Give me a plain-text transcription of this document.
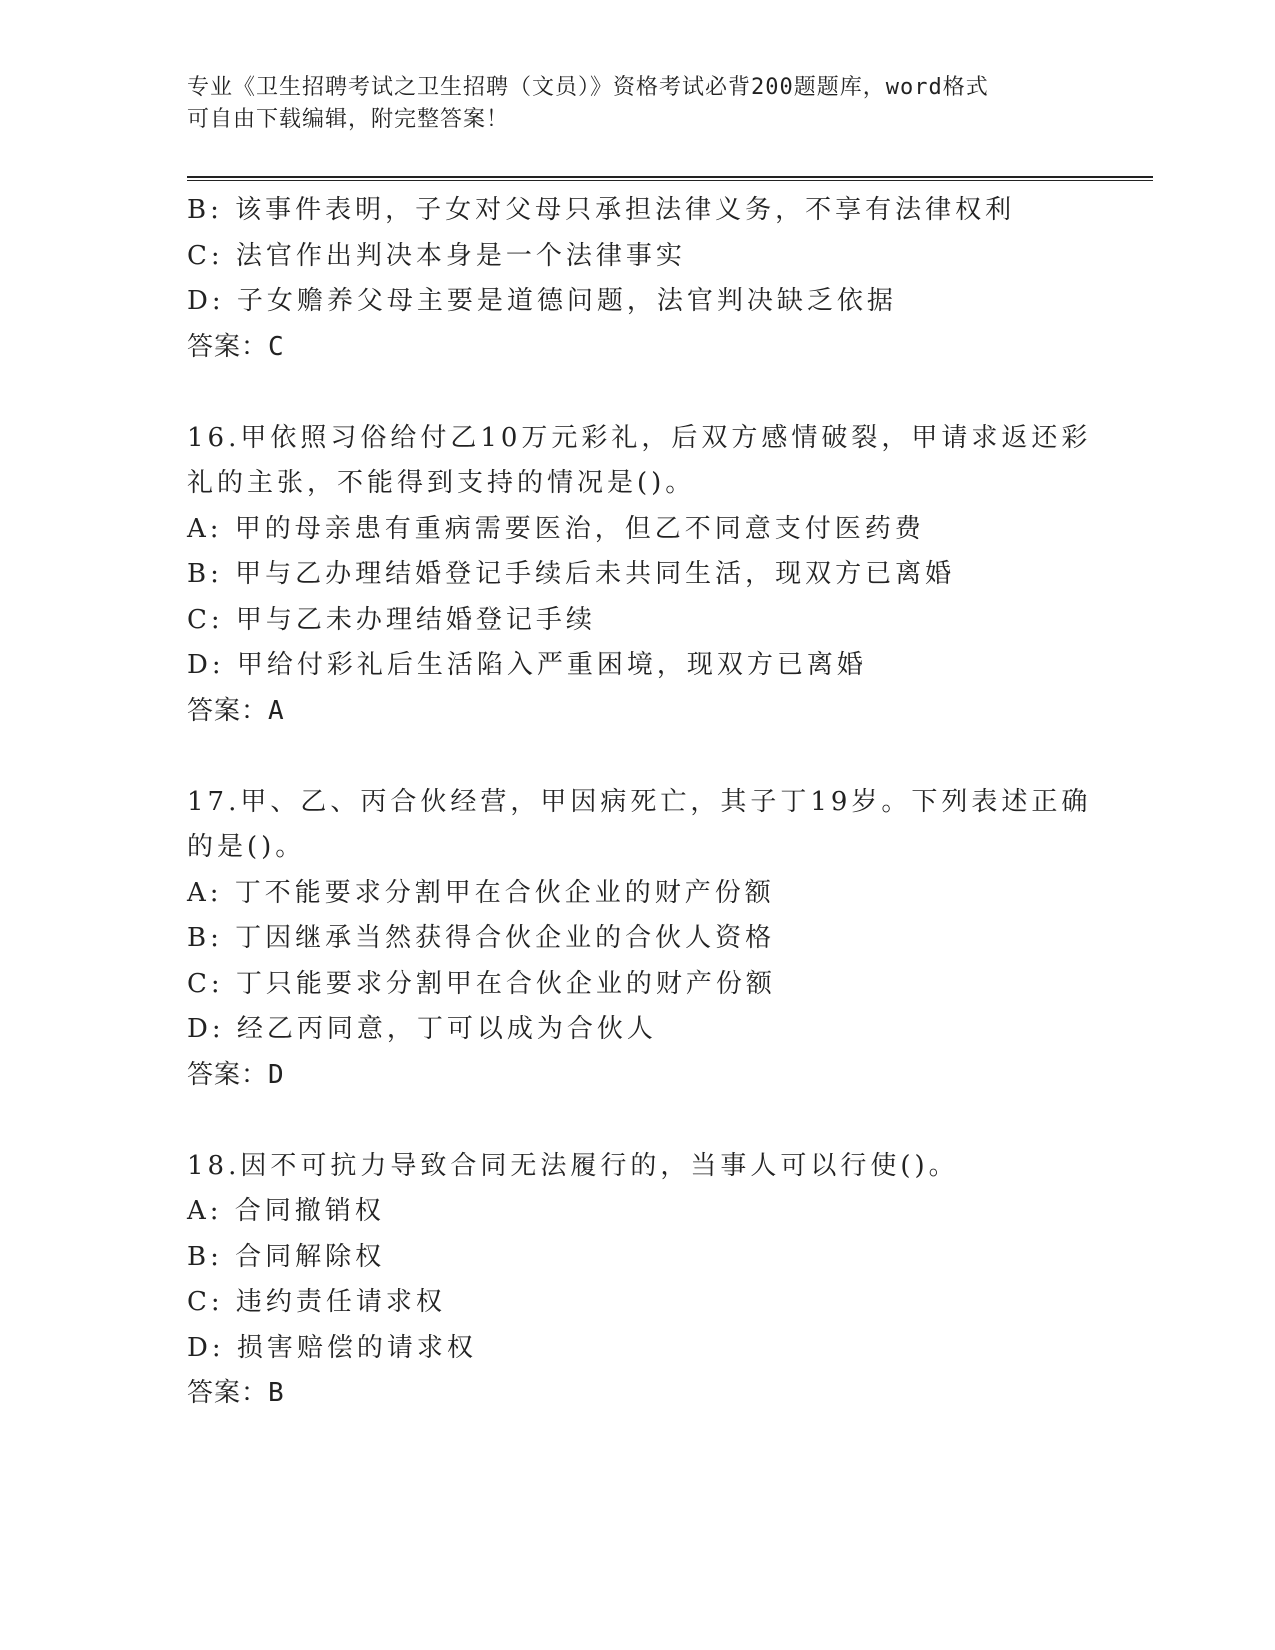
专业《卫生招聘考试之卫生招聘（文员）》资格考试必背200题题库，word格式
可自由下载编辑，附完整答案！
B: 该事件表明，子女对父母只承担法律义务，不享有法律权利
C: 法官作出判决本身是一个法律事实
D: 子女赡养父母主要是道德问题，法官判决缺乏依据
答案：C
16.甲依照习俗给付乙10万元彩礼，后双方感情破裂，甲请求返还彩
礼的主张，不能得到支持的情况是()。
A: 甲的母亲患有重病需要医治，但乙不同意支付医药费
B: 甲与乙办理结婚登记手续后未共同生活，现双方已离婚
C: 甲与乙未办理结婚登记手续
D: 甲给付彩礼后生活陷入严重困境，现双方已离婚
答案：A
17.甲、乙、丙合伙经营，甲因病死亡，其子丁19岁。下列表述正确
的是()。
A: 丁不能要求分割甲在合伙企业的财产份额
B: 丁因继承当然获得合伙企业的合伙人资格
C: 丁只能要求分割甲在合伙企业的财产份额
D: 经乙丙同意，丁可以成为合伙人
答案：D
18.因不可抗力导致合同无法履行的，当事人可以行使()。
A: 合同撤销权
B: 合同解除权
C: 违约责任请求权
D: 损害赔偿的请求权
答案：B
